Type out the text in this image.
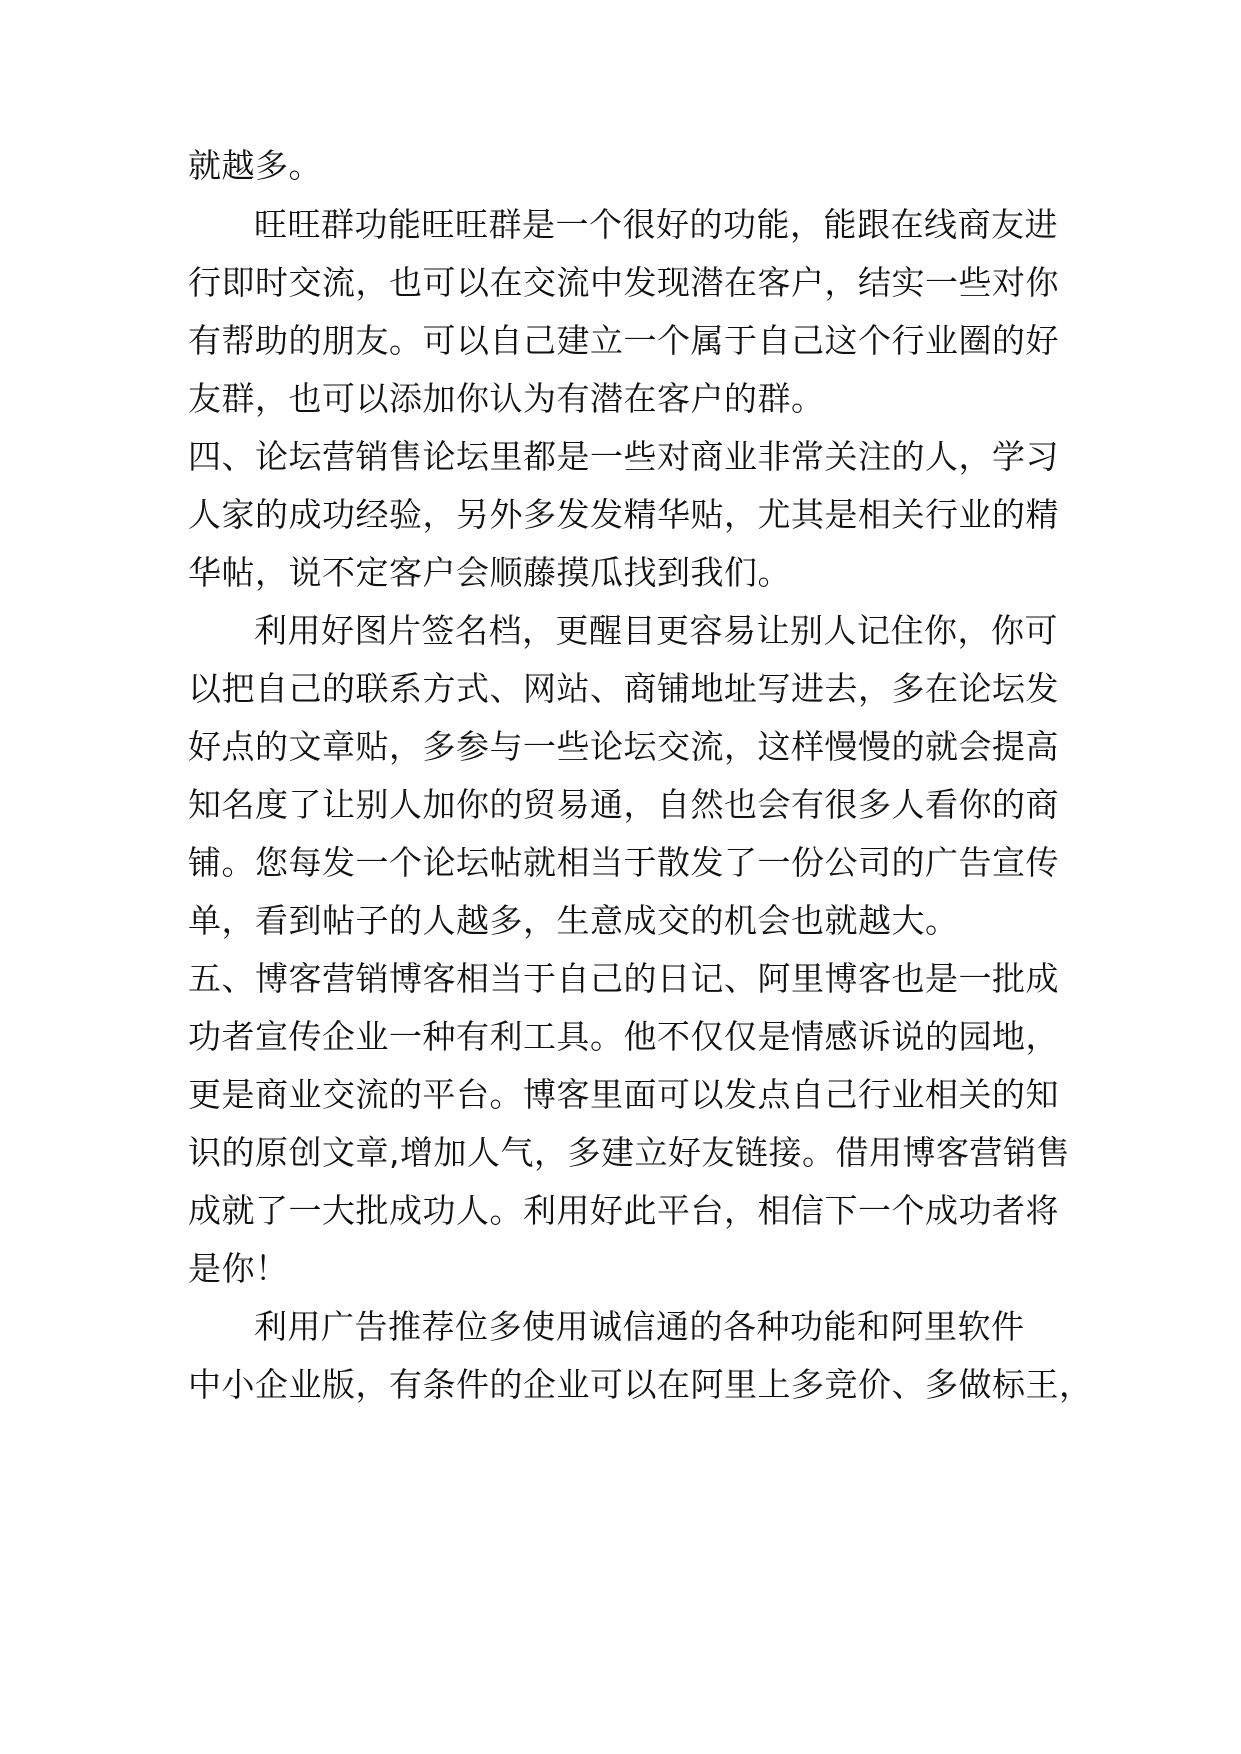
就越多。
旺旺群功能旺旺群是一个很好的功能，能跟在线商友进
行即时交流，也可以在交流中发现潜在客户，结实一些对你
有帮助的朋友。可以自己建立一个属于自己这个行业圈的好
友群，也可以添加你认为有潜在客户的群。
四、论坛营销售论坛里都是一些对商业非常关注的人，学习
人家的成功经验，另外多发发精华贴，尤其是相关行业的精
华帖，说不定客户会顺藤摸瓜找到我们。
利用好图片签名档，更醒目更容易让别人记住你，你可
以把自己的联系方式、网站、商铺地址写进去，多在论坛发
好点的文章贴，多参与一些论坛交流，这样慢慢的就会提高
知名度了让别人加你的贸易通，自然也会有很多人看你的商
铺。您每发一个论坛帖就相当于散发了一份公司的广告宣传
单，看到帖子的人越多，生意成交的机会也就越大。
五、博客营销博客相当于自己的日记、阿里博客也是一批成
功者宣传企业一种有利工具。他不仅仅是情感诉说的园地，
更是商业交流的平台。博客里面可以发点自己行业相关的知
识的原创文章,增加人气，多建立好友链接。借用博客营销售
成就了一大批成功人。利用好此平台，相信下一个成功者将
是你！
利用广告推荐位多使用诚信通的各种功能和阿里软件
中小企业版，有条件的企业可以在阿里上多竞价、多做标王，
